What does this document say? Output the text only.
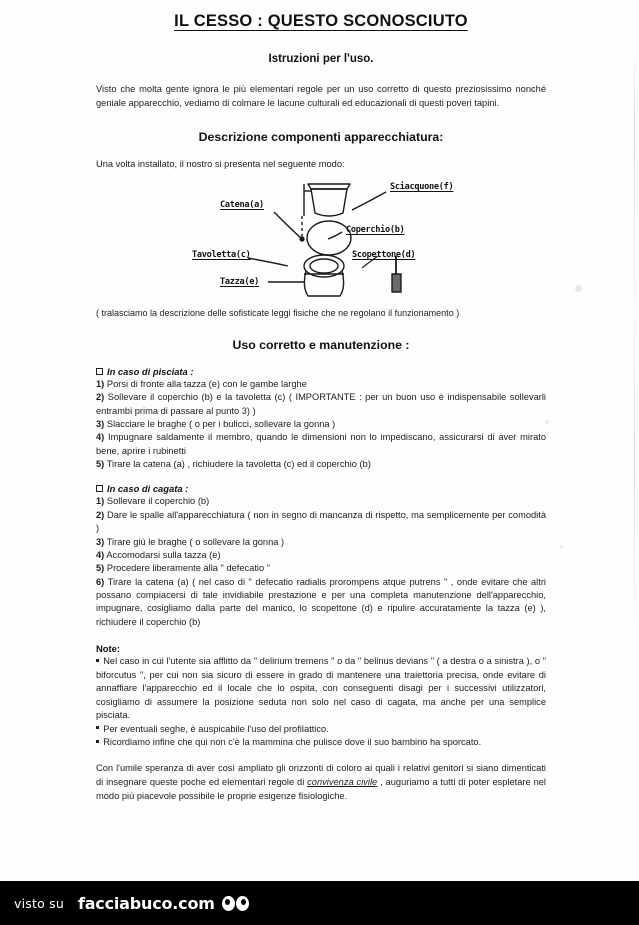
IL CESSO : QUESTO SCONOSCIUTO
Istruzioni per l'uso.

Visto che molta gente ignora le più elementari regole per un uso corretto di questo preziosissimo nonché geniale apparecchio, vediamo di colmare le lacune culturali ed educazionali di questi poveri tapini.

Descrizione componenti apparecchiatura:
Una volta installato, il nostro si presenta nel seguente modo:
Sciacquone(f)
Catena(a)
Coperchio(b)
Tavoletta(c)	Scopettone(d)
Tazza(e)
( tralasciamo la descrizione delle sofisticate leggi fisiche che ne regolano il funzionamento )
Uso corretto e manutenzione :
In caso di pisciata :

1) Porsi di fronte alla tazza (e) con le gambe larghe

2) Sollevare il coperchio (b) e la tavoletta (c) ( IMPORTANTE : per un buon uso è indispensabile sollevarli entrambi prima di passare al punto 3) )

3) Slacciare le braghe ( o per i bulicci, sollevare la gonna )

4) Impugnare saldamente il membro, quando le dimensioni non lo impediscano, assicurarsi di aver mirato bene, aprire i rubinetti

5) Tirare la catena (a) , richiudere la tavoletta (c) ed il coperchio (b)

In caso di cagata :

1) Sollevare il coperchio (b)

2) Dare le spalle all'apparecchiatura ( non in segno di mancanza di rispetto, ma semplicemente per comodità )

3) Tirare giù le braghe ( o sollevare la gonna )

4) Accomodarsi sulla tazza (e)

5) Procedere liberamente alla " defecatio "

6) Tirare la catena (a) ( nel caso di " defecatio radialis prorompens atque putrens " , onde evitare che altri possano compiacersi di tale invidiabile prestazione e per una completa manutenzione dell'apparecchio, impugnare, cosigliamo dalla parte del manico, lo scopettone (d) e ripulire accuratamente la tazza (e) ), richiudere il coperchio (b)

Note:

Nel caso in cui l'utente sia afflitto da " delirium tremens " o da " belinus devians " ( a destra o a sinistra ), o " biforcutus ", per cui non sia sicuro di essere in grado di mantenere una traiettoria precisa, onde evitare di annaffiare l'apparecchio ed il locale che lo ospita, con conseguenti disagi per i successivi utilizzatori, cosigliamo di assumere la posizione seduta non solo nel caso di cagata, ma anche per una semplice pisciata.

Per eventuali seghe, è auspicabile l'uso del profilattico.

Ricordiamo infine che qui non c'è la mammina che pulisce dove il suo bambino ha sporcato.

Con l'umile speranza di aver così ampliato gli orizzonti di coloro ai quali i relativi genitori si siano dimenticati di insegnare queste poche ed elementari regole di convivenza civile , auguriamo a tutti di poter espletare nel modo più piacevole possibile le proprie esigenze fisiologiche.

visto su facciabuco.com
